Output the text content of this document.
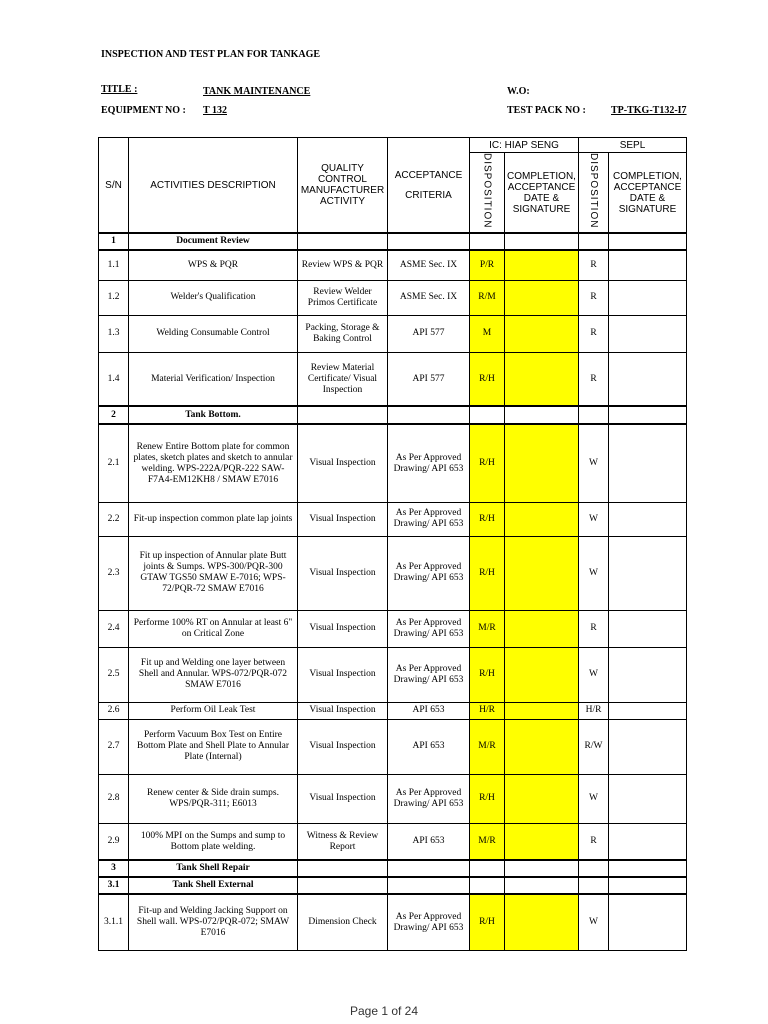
INSPECTION AND TEST PLAN FOR TANKAGE
TITLE :	TANK MAINTENANCE	W.O:
EQUIPMENT NO : T 132	TEST PACK NO :	TP-TKG-T132-I7
S/N	ACTIVITIES DESCRIPTION	QUALITY CONTROL MANUFACTURER ACTIVITY	ACCEPTANCE
CRITERIA	IC: HIAP SENG		SEPL	
				DISPOSITION	COMPLETION, ACCEPTANCE DATE & SIGNATURE	DISPOSITION	COMPLETION, ACCEPTANCE DATE & SIGNATURE
1	Document Review						
1.1	WPS & PQR	Review WPS & PQR	ASME Sec. IX	P/R		R	
1.2	Welder's Qualification	Review Welder Primos Certificate	ASME Sec. IX	R/M		R	
1.3	Welding Consumable Control	Packing, Storage & Baking Control	API 577	M		R	
1.4	Material Verification/ Inspection	Review Material Certificate/ Visual Inspection	API 577	R/H		R	
2	Tank Bottom.						
2.1	Renew Entire Bottom plate for common plates, sketch plates and sketch to annular welding. WPS-222A/PQR-222 SAW-F7A4-EM12KH8 / SMAW E7016	Visual Inspection	As Per Approved Drawing/ API 653	R/H		W	
2.2	Fit-up inspection common plate lap joints	Visual Inspection	As Per Approved Drawing/ API 653	R/H		W	
2.3	Fit up inspection of Annular plate Butt joints & Sumps. WPS-300/PQR-300 GTAW TGS50 SMAW E-7016; WPS-72/PQR-72 SMAW E7016	Visual Inspection	As Per Approved Drawing/ API 653	R/H		W	
2.4	Performe 100% RT on Annular at least 6" on Critical Zone	Visual Inspection	As Per Approved Drawing/ API 653	M/R		R	
2.5	Fit up and Welding one layer between Shell and Annular. WPS-072/PQR-072 SMAW E7016	Visual Inspection	As Per Approved Drawing/ API 653	R/H		W	
2.6	Perform Oil Leak Test	Visual Inspection	API 653	H/R		H/R	
2.7	Perform Vacuum Box Test on Entire Bottom Plate and Shell Plate to Annular Plate (Internal)	Visual Inspection	API 653	M/R		R/W	
2.8	Renew center & Side drain sumps. WPS/PQR-311; E6013	Visual Inspection	As Per Approved Drawing/ API 653	R/H		W	
2.9	100% MPI on the Sumps and sump to Bottom plate welding.	Witness & Review Report	API 653	M/R		R	
3	Tank Shell Repair						
3.1	Tank Shell External						
3.1.1	Fit-up and Welding Jacking Support on Shell wall. WPS-072/PQR-072; SMAW E7016	Dimension Check	As Per Approved Drawing/ API 653	R/H		W	
Page 1 of 24
